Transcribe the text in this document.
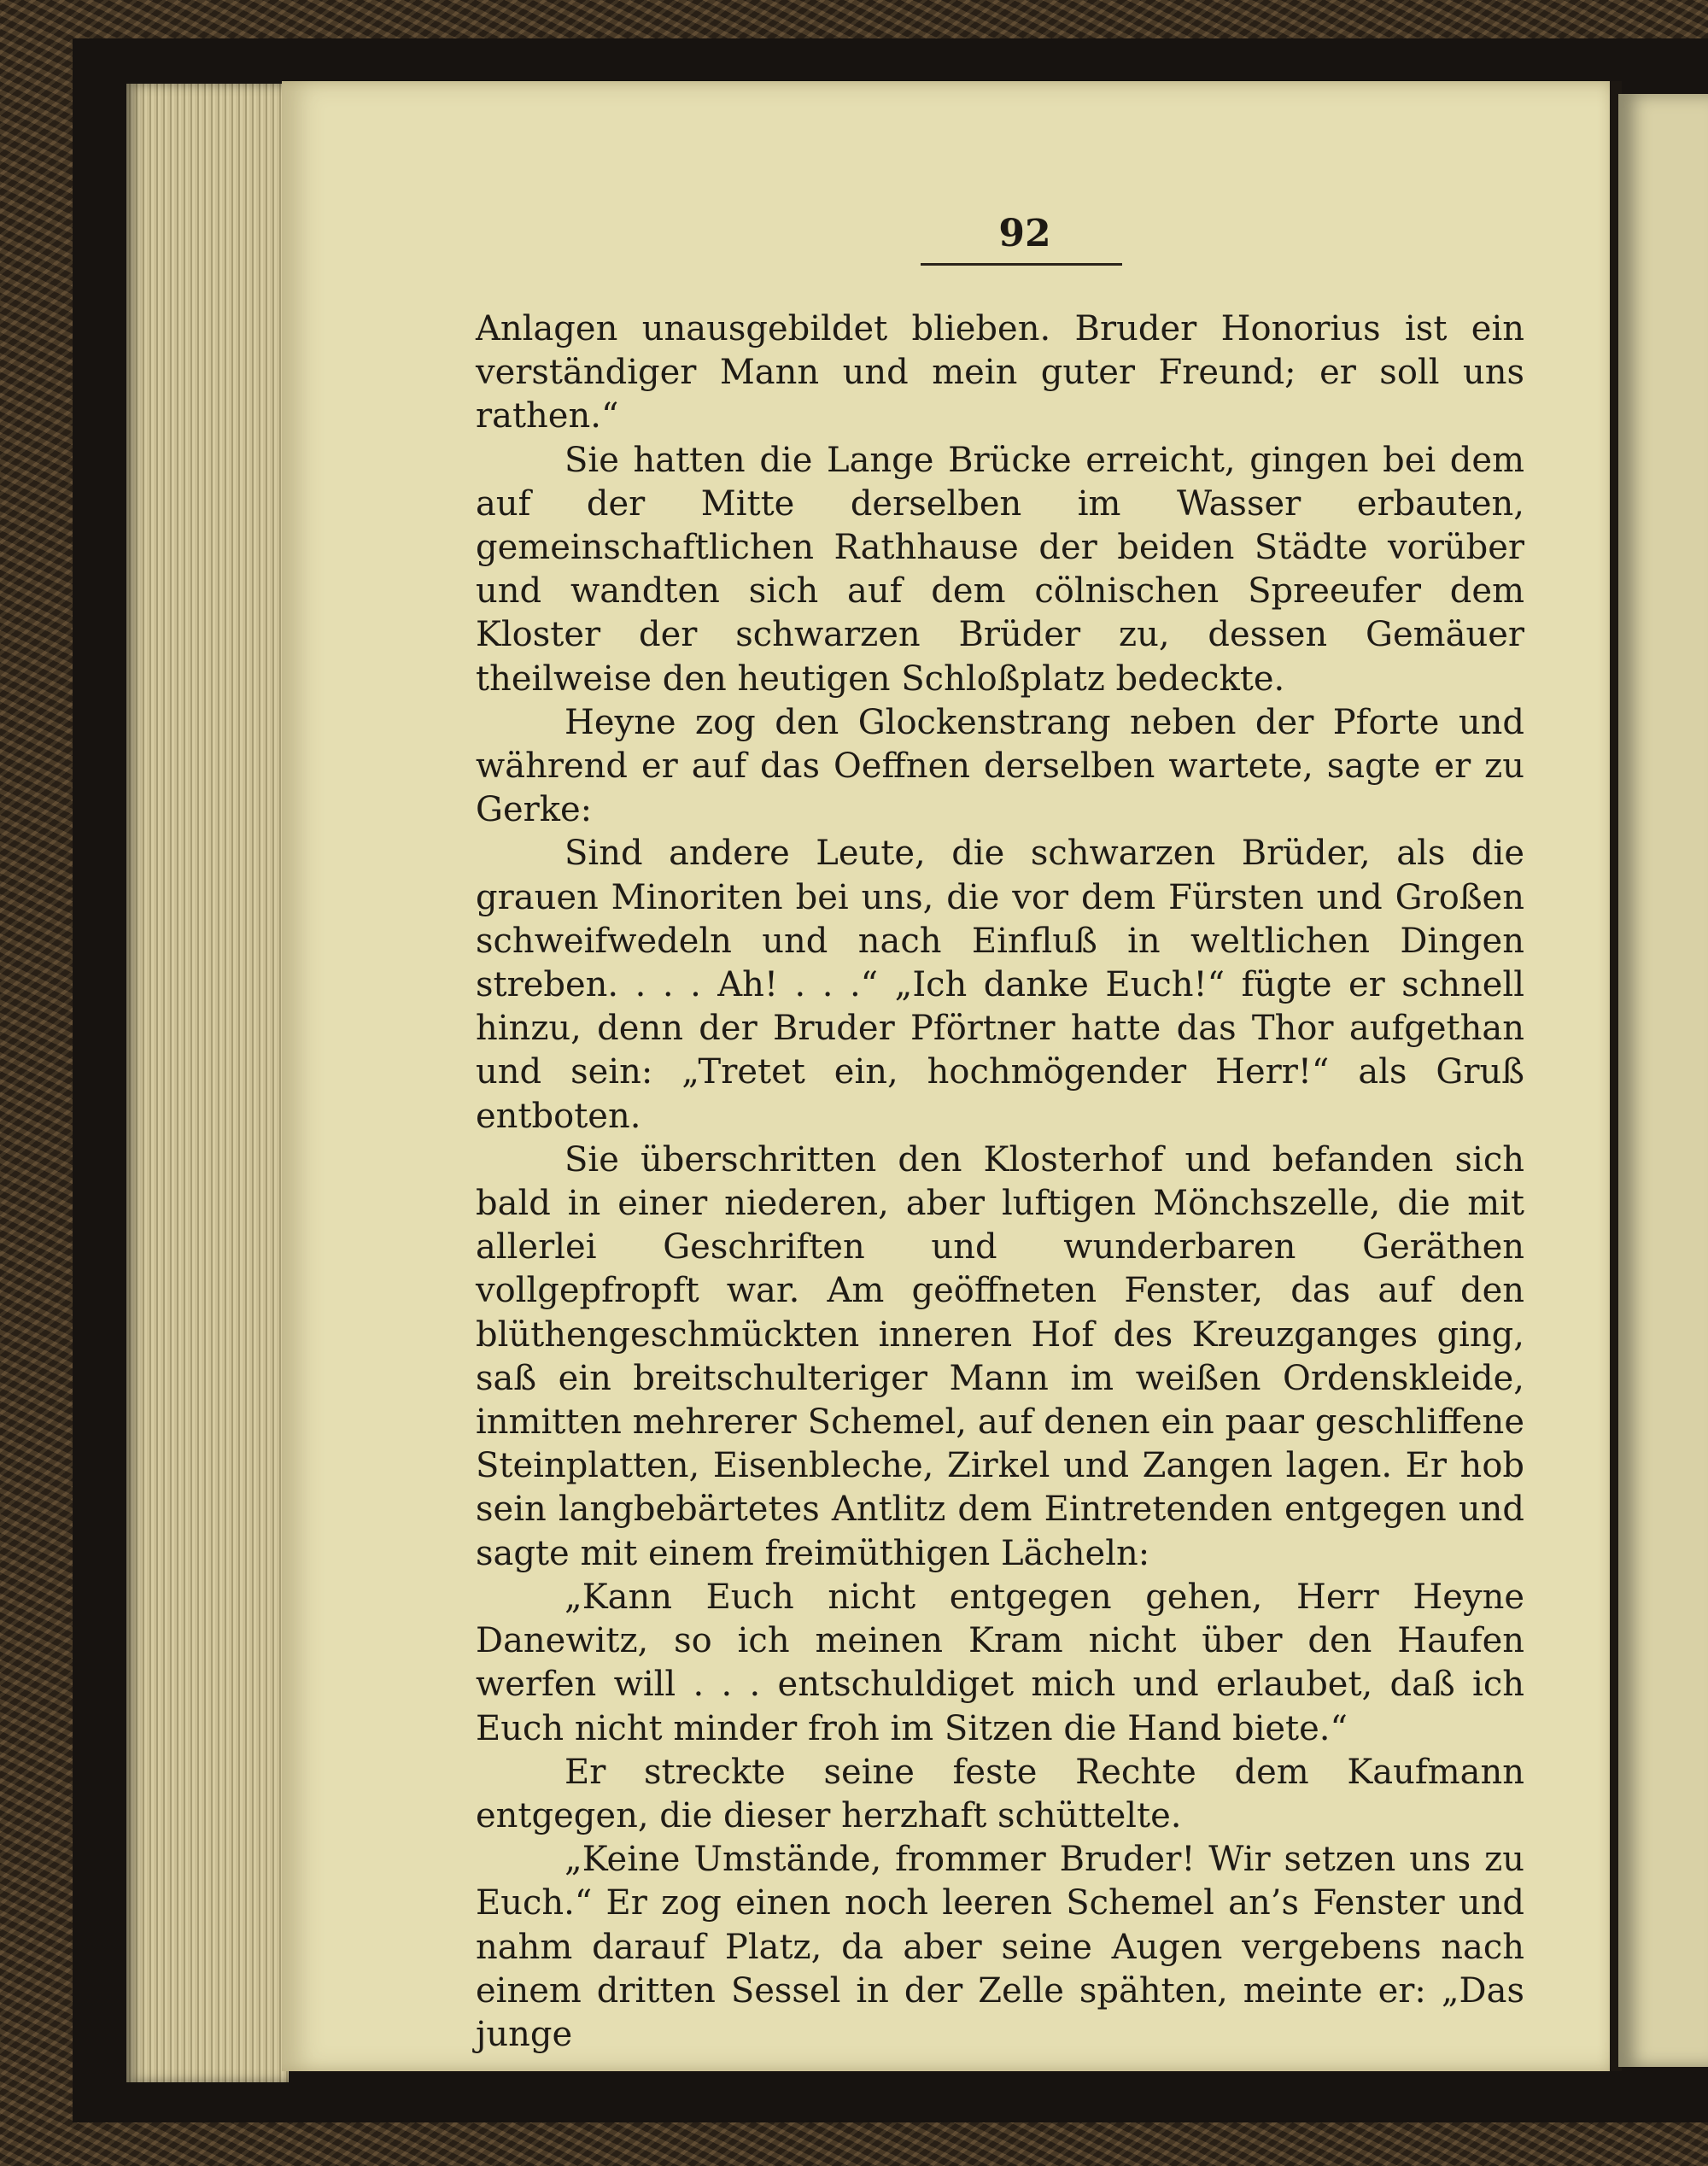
92

Anlagen unausgebildet blieben. Bruder Honorius ist ein verständiger Mann und mein guter Freund; er soll uns rathen.“

Sie hatten die Lange Brücke erreicht, gingen bei dem auf der Mitte derselben im Wasser erbauten, gemeinschaftlichen Rathhause der beiden Städte vorüber und wandten sich auf dem cölnischen Spreeufer dem Kloster der schwarzen Brüder zu, dessen Gemäuer theilweise den heutigen Schloßplatz bedeckte.

Heyne zog den Glockenstrang neben der Pforte und während er auf das Oeffnen derselben wartete, sagte er zu Gerke:

Sind andere Leute, die schwarzen Brüder, als die grauen Minoriten bei uns, die vor dem Fürsten und Großen schweifwedeln und nach Einfluß in weltlichen Dingen streben. . . . Ah! . . .“ „Ich danke Euch!“ fügte er schnell hinzu, denn der Bruder Pförtner hatte das Thor aufgethan und sein: „Tretet ein, hochmögender Herr!“ als Gruß entboten.

Sie überschritten den Klosterhof und befanden sich bald in einer niederen, aber luftigen Mönchszelle, die mit allerlei Geschriften und wunderbaren Geräthen vollgepfropft war. Am geöffneten Fenster, das auf den blüthengeschmückten inneren Hof des Kreuzganges ging, saß ein breitschulteriger Mann im weißen Ordenskleide, inmitten mehrerer Schemel, auf denen ein paar geschliffene Steinplatten, Eisenbleche, Zirkel und Zangen lagen. Er hob sein langbebärtetes Antlitz dem Eintretenden entgegen und sagte mit einem freimüthigen Lächeln:

„Kann Euch nicht entgegen gehen, Herr Heyne Danewitz, so ich meinen Kram nicht über den Haufen werfen will . . . entschuldiget mich und erlaubet, daß ich Euch nicht minder froh im Sitzen die Hand biete.“

Er streckte seine feste Rechte dem Kaufmann entgegen, die dieser herzhaft schüttelte.

„Keine Umstände, frommer Bruder! Wir setzen uns zu Euch.“ Er zog einen noch leeren Schemel an’s Fenster und nahm darauf Platz, da aber seine Augen vergebens nach einem dritten Sessel in der Zelle spähten, meinte er: „Das junge
